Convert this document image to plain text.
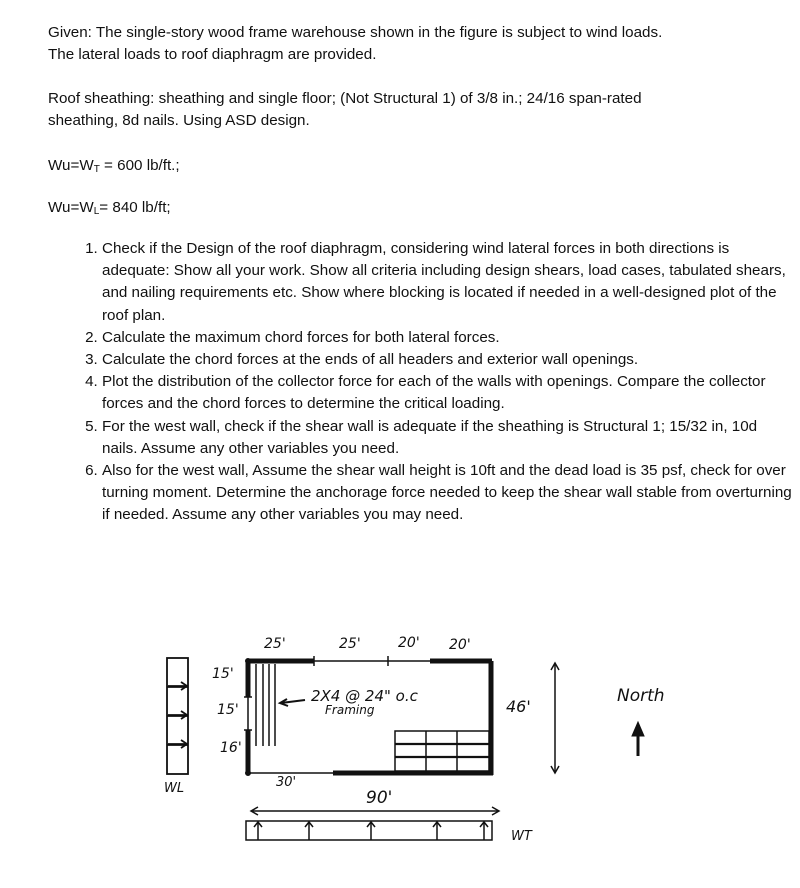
Given: The single-story wood frame warehouse shown in the figure is subject to wind loads.
The lateral loads to roof diaphragm are provided.
Roof sheathing: sheathing and single floor; (Not Structural 1) of 3/8 in.; 24/16 span-rated
sheathing, 8d nails. Using ASD design.
$Wu=W_T = 600$ lb/ft.;
$Wu=W_L= 840$ lb/ft;
1. Check if the Design of the roof diaphragm, considering wind lateral forces in both directions is adequate: Show all your work. Show all criteria including design shears, load cases, tabulated shears, and nailing requirements etc. Show where blocking is located if needed in a well-designed plot of the roof plan.
2. Calculate the maximum chord forces for both lateral forces.
3. Calculate the chord forces at the ends of all headers and exterior wall openings.
4. Plot the distribution of the collector force for each of the walls with openings. Compare the collector forces and the chord forces to determine the critical loading.
5. For the west wall, check if the shear wall is adequate if the sheathing is Structural 1; 15/32 in, 10d nails. Assume any other variables you need.
6. Also for the west wall, Assume the shear wall height is 10ft and the dead load is 35 psf, check for over turning moment. Determine the anchorage force needed to keep the shear wall stable from overturning if needed. Assume any other variables you may need.
25'	25'	20' 20'
15'
15'
16'
2X4 @ 24" o.c
Framing
30'
90'
46'
North
WL
WT
